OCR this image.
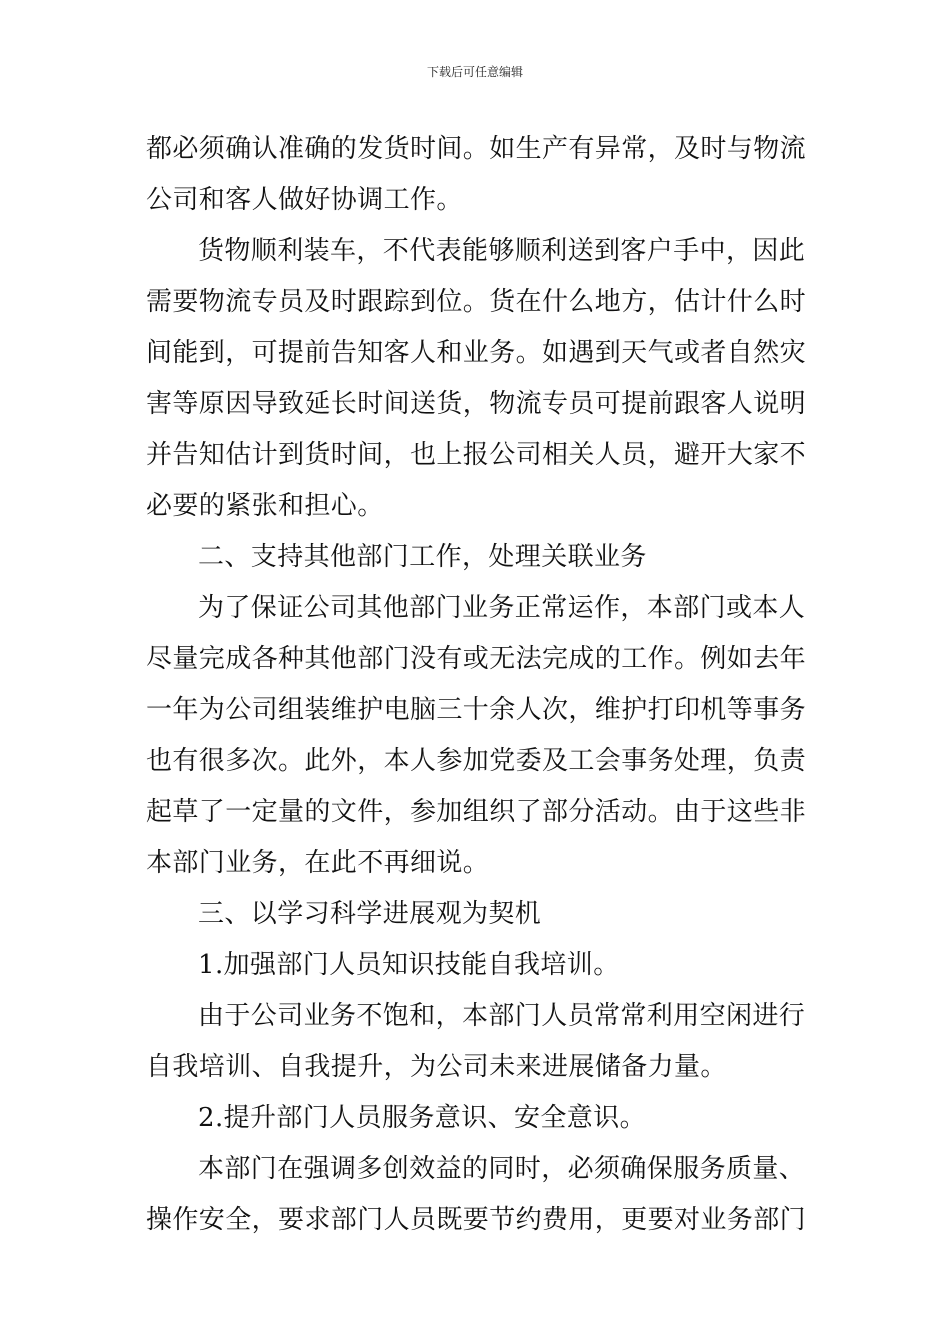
下载后可任意编辑
都必须确认准确的发货时间。如生产有异常，及时与物流
公司和客人做好协调工作。
货物顺利装车，不代表能够顺利送到客户手中，因此
需要物流专员及时跟踪到位。货在什么地方，估计什么时
间能到，可提前告知客人和业务。如遇到天气或者自然灾
害等原因导致延长时间送货，物流专员可提前跟客人说明
并告知估计到货时间，也上报公司相关人员，避开大家不
必要的紧张和担心。
二、支持其他部门工作，处理关联业务
为了保证公司其他部门业务正常运作，本部门或本人
尽量完成各种其他部门没有或无法完成的工作。例如去年
一年为公司组装维护电脑三十余人次，维护打印机等事务
也有很多次。此外，本人参加党委及工会事务处理，负责
起草了一定量的文件，参加组织了部分活动。由于这些非
本部门业务，在此不再细说。
三、以学习科学进展观为契机
1.加强部门人员知识技能自我培训。
由于公司业务不饱和，本部门人员常常利用空闲进行
自我培训、自我提升，为公司未来进展储备力量。
2.提升部门人员服务意识、安全意识。
本部门在强调多创效益的同时，必须确保服务质量、
操作安全，要求部门人员既要节约费用，更要对业务部门
